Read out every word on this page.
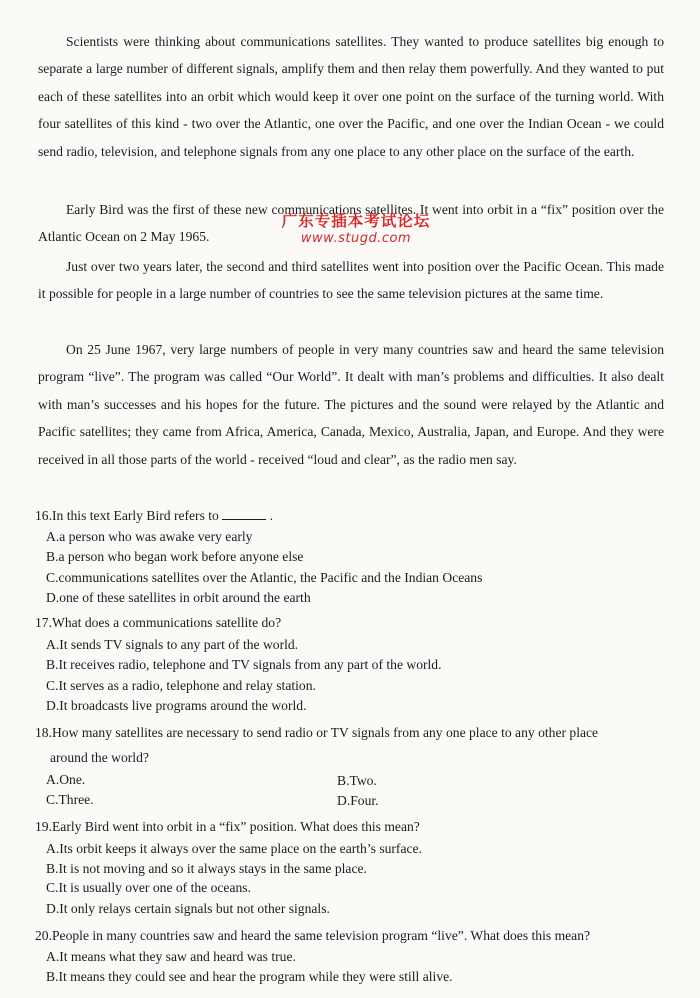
Scientists were thinking about communications satellites. They wanted to produce satellites big enough to separate a large number of different signals, amplify them and then relay them powerfully. And they wanted to put each of these satellites into an orbit which would keep it over one point on the surface of the turning world. With four satellites of this kind - two over the Atlantic, one over the Pacific, and one over the Indian Ocean - we could send radio, television, and telephone signals from any one place to any other place on the surface of the earth.

Early Bird was the first of these new communications satellites. It went into orbit in a “fix” position over the Atlantic Ocean on 2 May 1965.

Just over two years later, the second and third satellites went into position over the Pacific Ocean. This made it possible for people in a large number of countries to see the same television pictures at the same time.

On 25 June 1967, very large numbers of people in very many countries saw and heard the same television program “live”. The program was called “Our World”. It dealt with man’s problems and difficulties. It also dealt with man’s successes and his hopes for the future. The pictures and the sound were relayed by the Atlantic and Pacific satellites; they came from Africa, America, Canada, Mexico, Australia, Japan, and Europe. And they were received in all those parts of the world - received “loud and clear”, as the radio men say.

广东专插本考试论坛
www.stugd.com

16.In this text Early Bird refers to	.

A.a person who was awake very early

B.a person who began work before anyone else

C.communications satellites over the Atlantic, the Pacific and the Indian Oceans

D.one of these satellites in orbit around the earth

17.What does a communications satellite do?

A.It sends TV signals to any part of the world.

B.It receives radio, telephone and TV signals from any part of the world.

C.It serves as a radio, telephone and relay station.

D.It broadcasts live programs around the world.

18.How many satellites are necessary to send radio or TV signals from any one place to any other place

around the world?

A.One.	B.Two.

C.Three.	D.Four.

19.Early Bird went into orbit in a “fix” position. What does this mean?

A.Its orbit keeps it always over the same place on the earth’s surface.

B.It is not moving and so it always stays in the same place.

C.It is usually over one of the oceans.

D.It only relays certain signals but not other signals.

20.People in many countries saw and heard the same television program “live”. What does this mean?

A.It means what they saw and heard was true.

B.It means they could see and hear the program while they were still alive.
